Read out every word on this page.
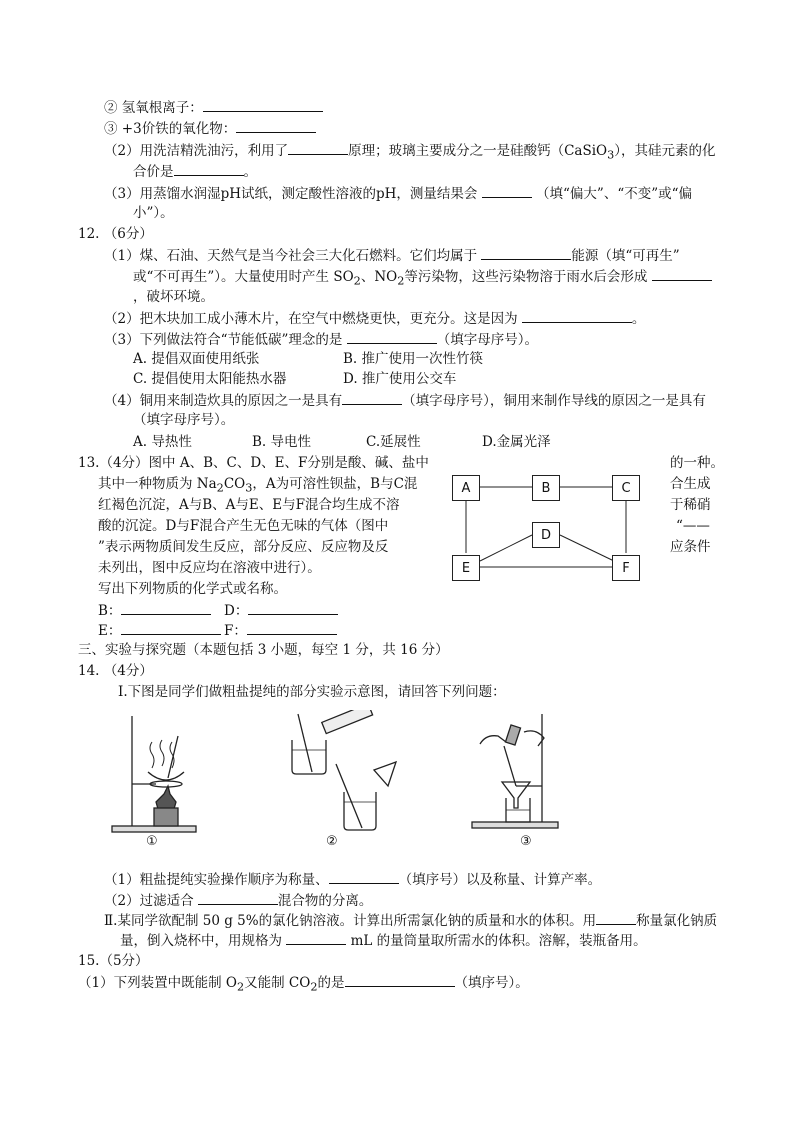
② 氢氧根离子：
③ +3价铁的氧化物：
（2）用洗洁精洗油污，利用了	原理；玻璃主要成分之一是硅酸钙（CaSiO$_3$），其硅元素的化
合价是	。
（3）用蒸馏水润湿pH试纸，测定酸性溶液的pH，测量结果会	（填“偏大”、“不变”或“偏
小”）。
12. （6分）
（1）煤、石油、天然气是当今社会三大化石燃料。它们均属于	能源（填“可再生”
或“不可再生”）。大量使用时产生 $SO_2$、$NO_2$等污染物，这些污染物溶于雨水后会形成
，破坏环境。
（2）把木块加工成小薄木片，在空气中燃烧更快，更充分。这是因为	。
（3）下列做法符合“节能低碳”理念的是	（填字母序号）。
A. 提倡双面使用纸张	B. 推广使用一次性竹筷
C. 提倡使用太阳能热水器	D. 推广使用公交车
（4）铜用来制造炊具的原因之一是具有	（填字母序号），铜用来制作导线的原因之一是具有
（填字母序号）。
A. 导热性	B. 导电性	C.延展性	D.金属光泽
13.（4分）图中 A、B、C、D、E、F分别是酸、碱、盐中	的一种。
其中一种物质为 $Na_2CO_3$，A为可溶性钡盐，B与C混	合生成
红褐色沉淀，A与B、A与E、E与F混合均生成不溶	于稀硝
酸的沉淀。D与F混合产生无色无味的气体（图中	“——
”表示两物质间发生反应，部分反应、反应物及反	应条件
未列出，图中反应均在溶液中进行）。
写出下列物质的化学式或名称。
B：	D：
E：	F：
A	B	C
D
E	F
三、实验与探究题（本题包括 3 小题，每空 1 分，共 16 分）
14. （4分）
Ⅰ.下图是同学们做粗盐提纯的部分实验示意图，请回答下列问题：
①	②	③
（1）粗盐提纯实验操作顺序为称量、	（填序号）以及称量、计算产率。
（2）过滤适合	混合物的分离。
Ⅱ.某同学欲配制 50 g 5%的氯化钠溶液。计算出所需氯化钠的质量和水的体积。用	称量氯化钠质
量，倒入烧杯中，用规格为	mL 的量筒量取所需水的体积。溶解，装瓶备用。
15.（5分）
（1）下列装置中既能制 $O_2$又能制 $CO_2$的是	（填序号）。
